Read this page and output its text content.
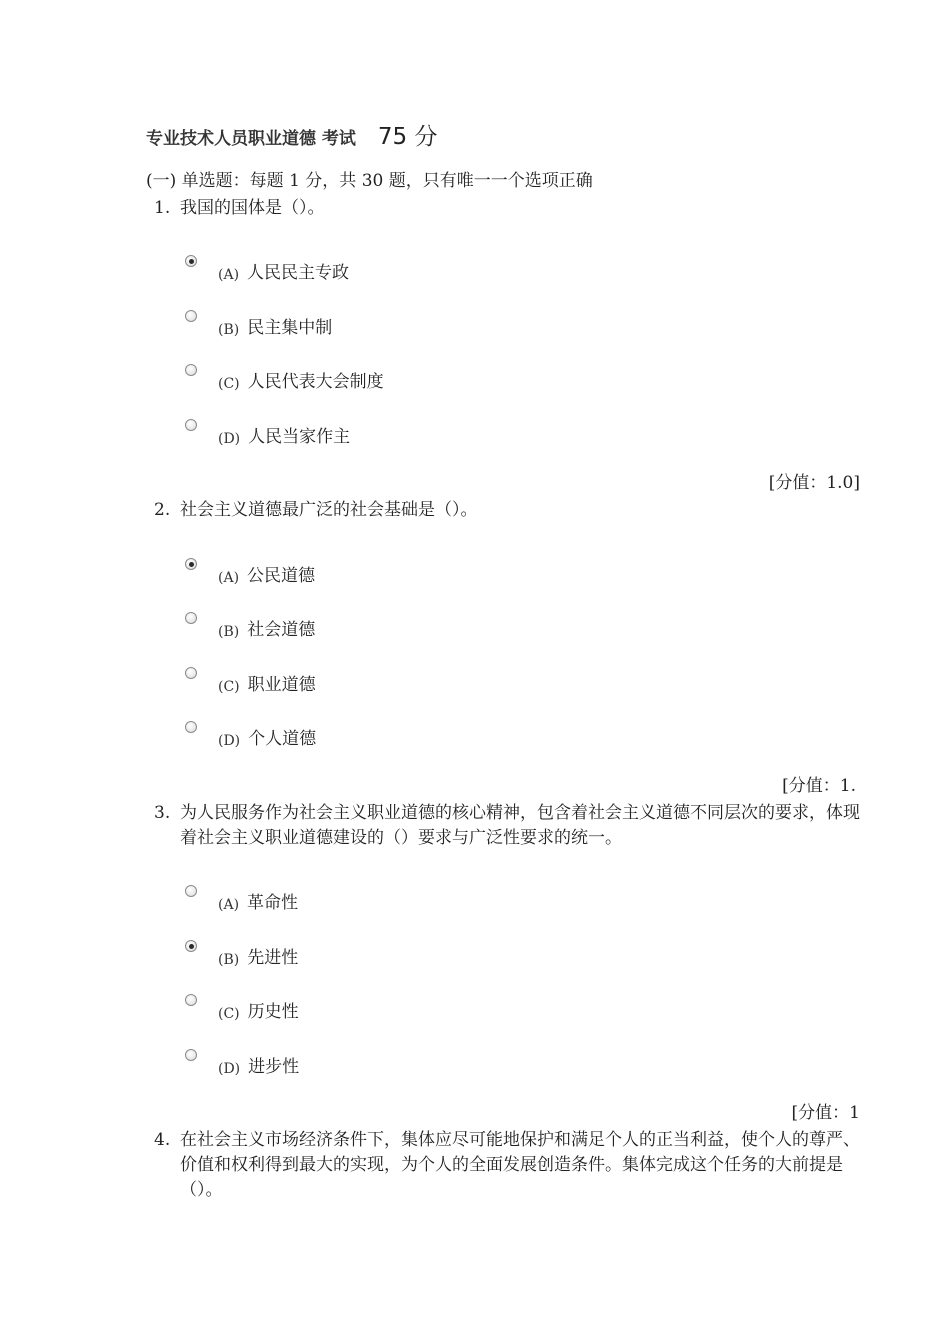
专业技术人员职业道德 考试 75 分
(一) 单选题：每题 1 分，共 30 题，只有唯一一个选项正确
1. 我国的国体是（）。
(A) 人民民主专政
(B) 民主集中制
(C) 人民代表大会制度
(D) 人民当家作主
[分值：1.0]
2. 社会主义道德最广泛的社会基础是（）。
(A) 公民道德
(B) 社会道德
(C) 职业道德
(D) 个人道德
[分值：1.
3. 为人民服务作为社会主义职业道德的核心精神，包含着社会主义道德不同层次的要求，体现着社会主义职业道德建设的（）要求与广泛性要求的统一。
(A) 革命性
(B) 先进性
(C) 历史性
(D) 进步性
[分值：1
4. 在社会主义市场经济条件下，集体应尽可能地保护和满足个人的正当利益，使个人的尊严、价值和权利得到最大的实现，为个人的全面发展创造条件。集体完成这个任务的大前提是（）。
